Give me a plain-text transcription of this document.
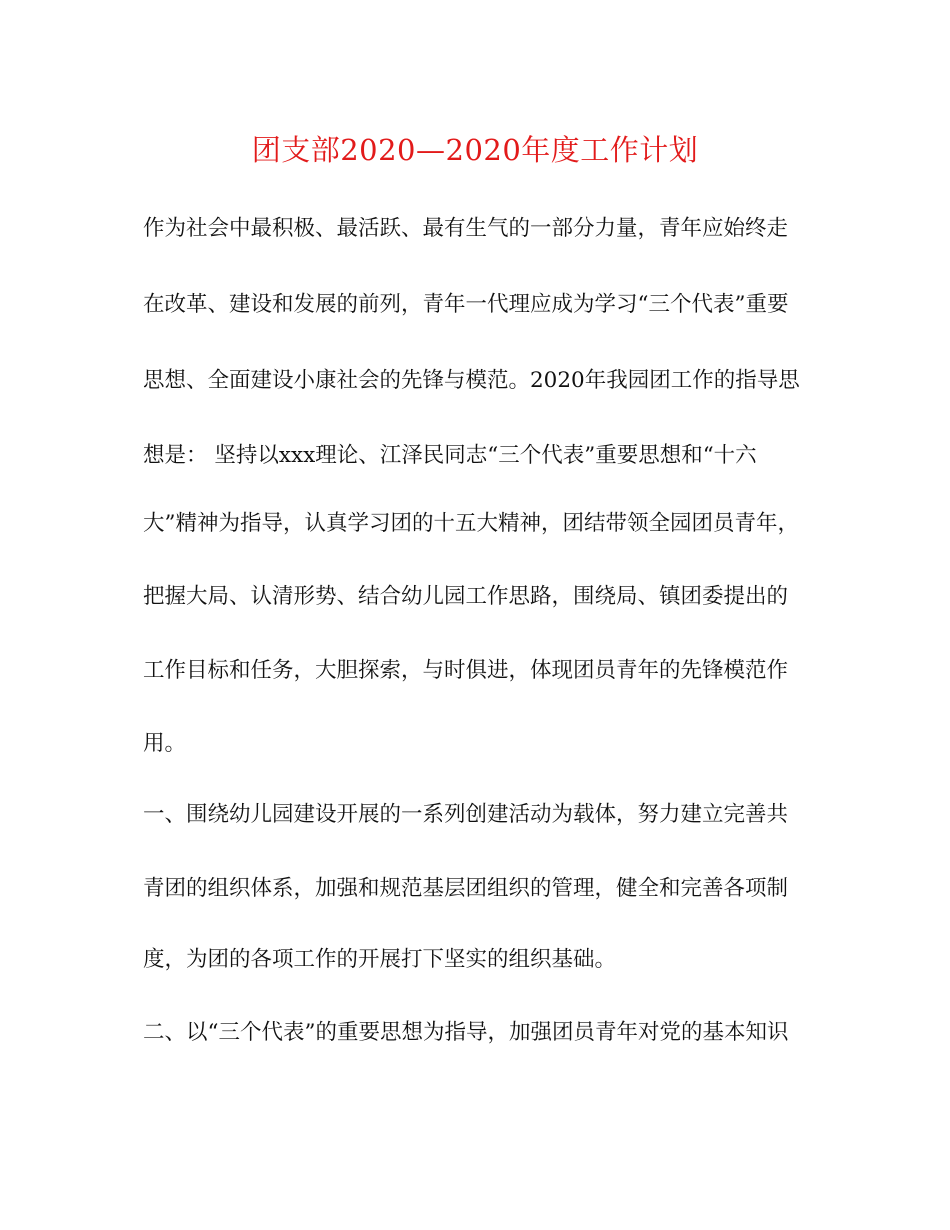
团支部2020—2020年度工作计划

作为社会中最积极、最活跃、最有生气的一部分力量，青年应始终走

在改革、建设和发展的前列，青年一代理应成为学习“三个代表”重要

思想、全面建设小康社会的先锋与模范。2020年我园团工作的指导思

想是： 坚持以xxx理论、江泽民同志“三个代表”重要思想和“十六

大”精神为指导，认真学习团的十五大精神，团结带领全园团员青年，

把握大局、认清形势、结合幼儿园工作思路，围绕局、镇团委提出的

工作目标和任务，大胆探索，与时俱进，体现团员青年的先锋模范作

用。

一、围绕幼儿园建设开展的一系列创建活动为载体，努力建立完善共

青团的组织体系，加强和规范基层团组织的管理，健全和完善各项制

度，为团的各项工作的开展打下坚实的组织基础。

二、以“三个代表”的重要思想为指导，加强团员青年对党的基本知识
